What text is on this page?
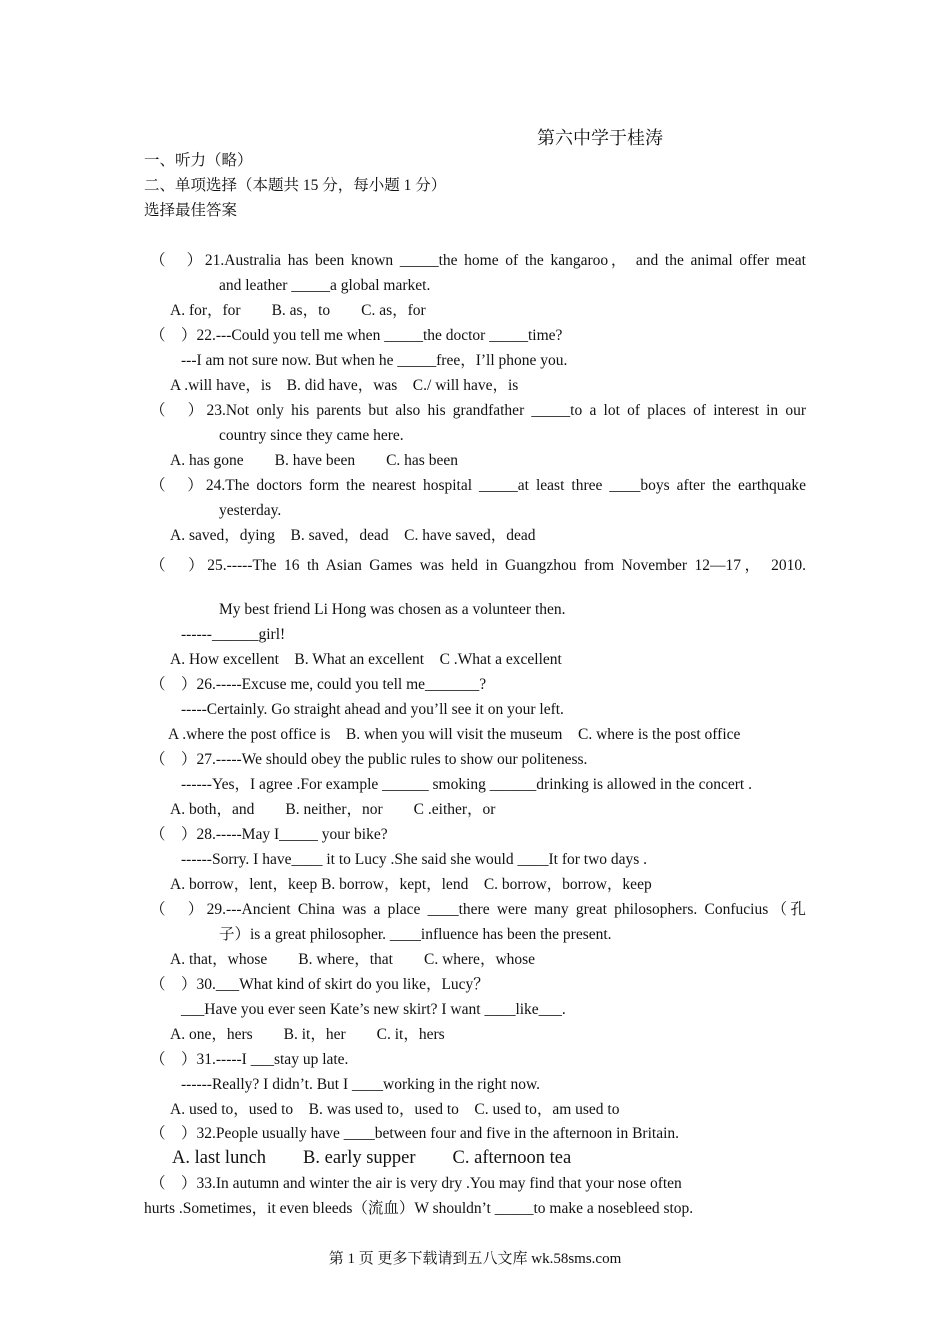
第六中学于桂涛
一、听力（略）
二、单项选择（本题共 15 分，每小题 1 分）
选择最佳答案
（　）21.Australia has been known _____the home of the kangaroo， and the animal offer meat
and leather _____a global market.
A. for，for　　B. as，to　　C. as，for
（　）22.---Could you tell me when _____the doctor _____time?
---I am not sure now. But when he _____free，I’ll phone you.
A .will have，is　B. did have，was　C./ will have，is
（　）23.Not only his parents but also his grandfather _____to a lot of places of interest in our
country since they came here.
A. has gone　　B. have been　　C. has been
（　）24.The doctors form the nearest hospital _____at least three ____boys after the earthquake
yesterday.
A. saved，dying　B. saved，dead　C. have saved，dead
（　）25.-----The 16 th Asian Games was held in Guangzhou from November 12—17， 2010.
My best friend Li Hong was chosen as a volunteer then.
------______girl!
A. How excellent　B. What an excellent　C .What a excellent
（　）26.-----Excuse me, could you tell me_______?
-----Certainly. Go straight ahead and you’ll see it on your left.
A .where the post office is　B. when you will visit the museum　C. where is the post office
（　）27.-----We should obey the public rules to show our politeness.
------Yes，I agree .For example ______ smoking ______drinking is allowed in the concert .
A. both，and　　B. neither，nor　　C .either，or
（　）28.-----May I_____ your bike?
------Sorry. I have____ it to Lucy .She said she would ____It for two days .
A. borrow，lent，keep B. borrow，kept，lend　C. borrow，borrow，keep
（　）29.---Ancient China was a place ____there were many great philosophers. Confucius（孔
子）is a great philosopher. ____influence has been the present.
A. that，whose　　B. where，that　　C. where，whose
（　）30.___What kind of skirt do you like，Lucy？
___Have you ever seen Kate’s new skirt? I want ____like___.
A. one，hers　　B. it，her　　C. it，hers
（　）31.-----I ___stay up late.
------Really? I didn’t. But I ____working in the right now.
A. used to，used to　B. was used to，used to　C. used to，am used to
（　）32.People usually have ____between four and five in the afternoon in Britain.
A. last lunch　　B. early supper　　C. afternoon tea
（　）33.In autumn and winter the air is very dry .You may find that your nose often
hurts .Sometimes，it even bleeds（流血）W shouldn’t _____to make a nosebleed stop.
第 1 页 更多下载请到五八文库 wk.58sms.com
